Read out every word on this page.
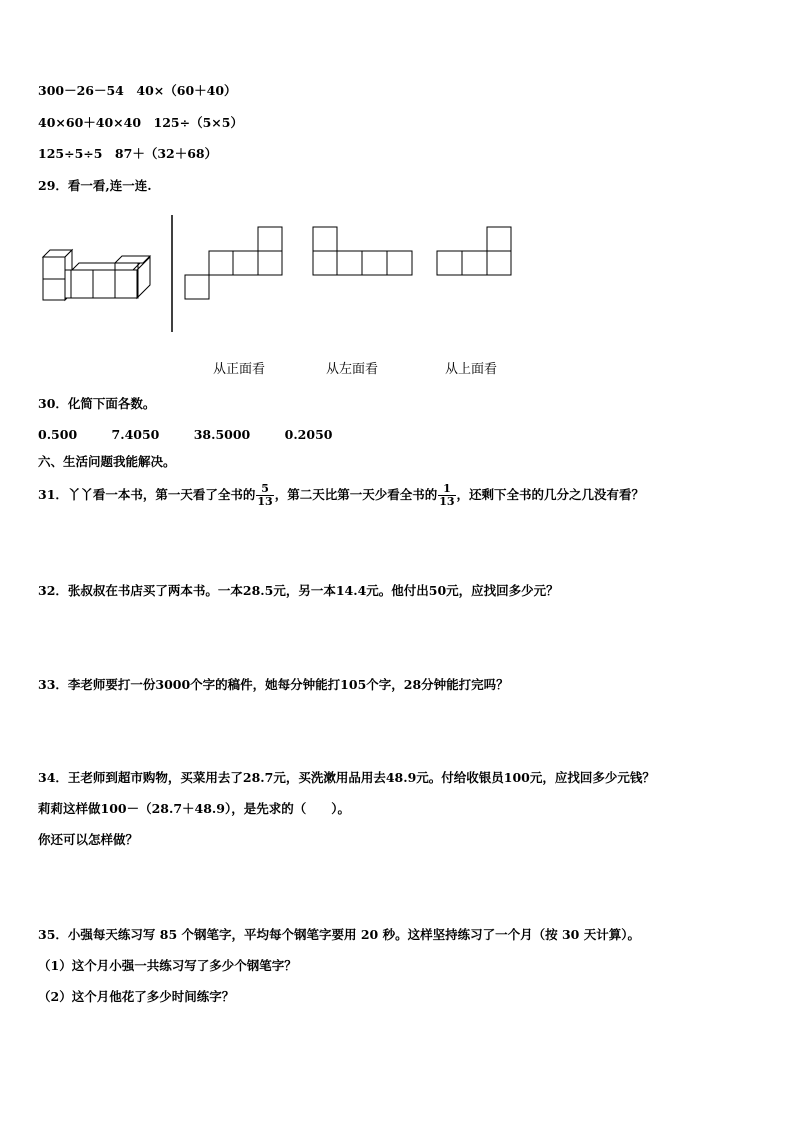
300－26－54　40×（60＋40）
40×60＋40×40　125÷（5×5）
125÷5÷5　87＋（32＋68）
29．看一看,连一连.
从正面看	从左面看	从上面看
30．化简下面各数。
0.500	7.4050	38.5000	0.2050
六、生活问题我能解决。
31．丫丫看一本书，第一天看了全书的 $\frac{5}{13}$ ，第二天比第一天少看全书的 $\frac{1}{13}$ ，还剩下全书的几分之几没有看？
32．张叔叔在书店买了两本书。一本28.5元，另一本14.4元。他付出50元，应找回多少元？
33．李老师要打一份3000个字的稿件，她每分钟能打105个字，28分钟能打完吗？
34．王老师到超市购物，买菜用去了28.7元，买洗漱用品用去48.9元。付给收银员100元，应找回多少元钱？
莉莉这样做100－（28.7＋48.9），是先求的（　　）。
你还可以怎样做？
35．小强每天练习写 85 个钢笔字，平均每个钢笔字要用 20 秒。这样坚持练习了一个月（按 30 天计算）。
（1）这个月小强一共练习写了多少个钢笔字？
（2）这个月他花了多少时间练字？
